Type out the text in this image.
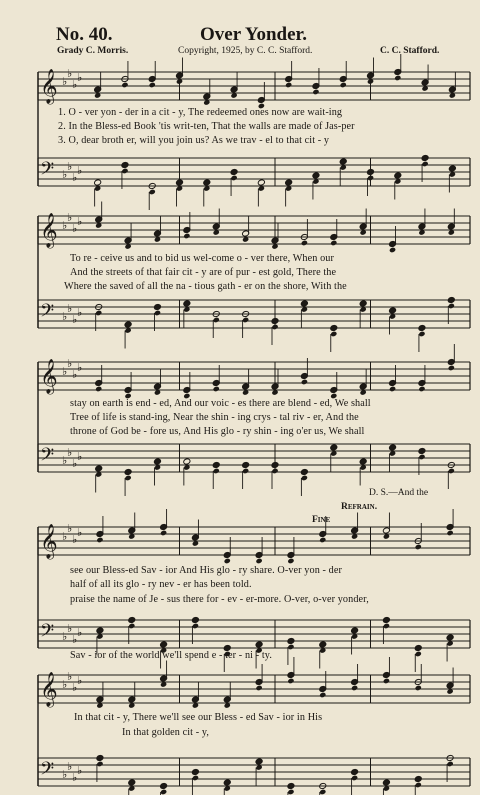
No. 40.	Over Yonder.
Grady C. Morris.	Copyright, 1925, by C. C. Stafford.	C. C. Stafford.
𝄞 ♭
♭
♭
♭
𝄢 ♭
♭
♭
♭
𝄞 ♭
♭
♭
♭
𝄢 ♭
♭
♭
♭
𝄞 ♭
♭
♭
♭
𝄢 ♭
♭
♭
♭
𝄞 ♭
♭
♭
♭
𝄢 ♭
♭
♭
♭
𝄞 ♭
♭
♭
♭
𝄢 ♭
♭
♭
♭
1. O - ver yon - der in a cit - y, The redeemed ones now are wait-ing
2. In the Bless-ed Book 'tis writ-ten, That the walls are made of Jas-per
3. O, dear broth er, will you join us? As we trav - el to that cit - y
To re - ceive us and to bid us wel-come o - ver there, When our
And the streets of that fair cit - y are of pur - est gold, There the
Where the saved of all the na - tious gath - er on the shore, With the
stay on earth is end - ed, And our voic - es there are blend - ed, We shall
Tree of life is stand-ing, Near the shin - ing crys - tal riv - er, And the
throne of God be - fore us, And His glo - ry shin - ing o'er us, We shall
D. S.—And the
Refrain.
Fine
see our Bless-ed Sav - ior And His glo - ry share. O-ver yon - der
half of all its glo - ry nev - er has been told.
praise the name of Je - sus there for - ev - er-more. O-ver, o-ver yonder,
Sav - ior of the world we'll spend e - ter - ni - ty.
In that cit - y, There we'll see our Bless - ed Sav - ior in His
In that golden cit - y,
